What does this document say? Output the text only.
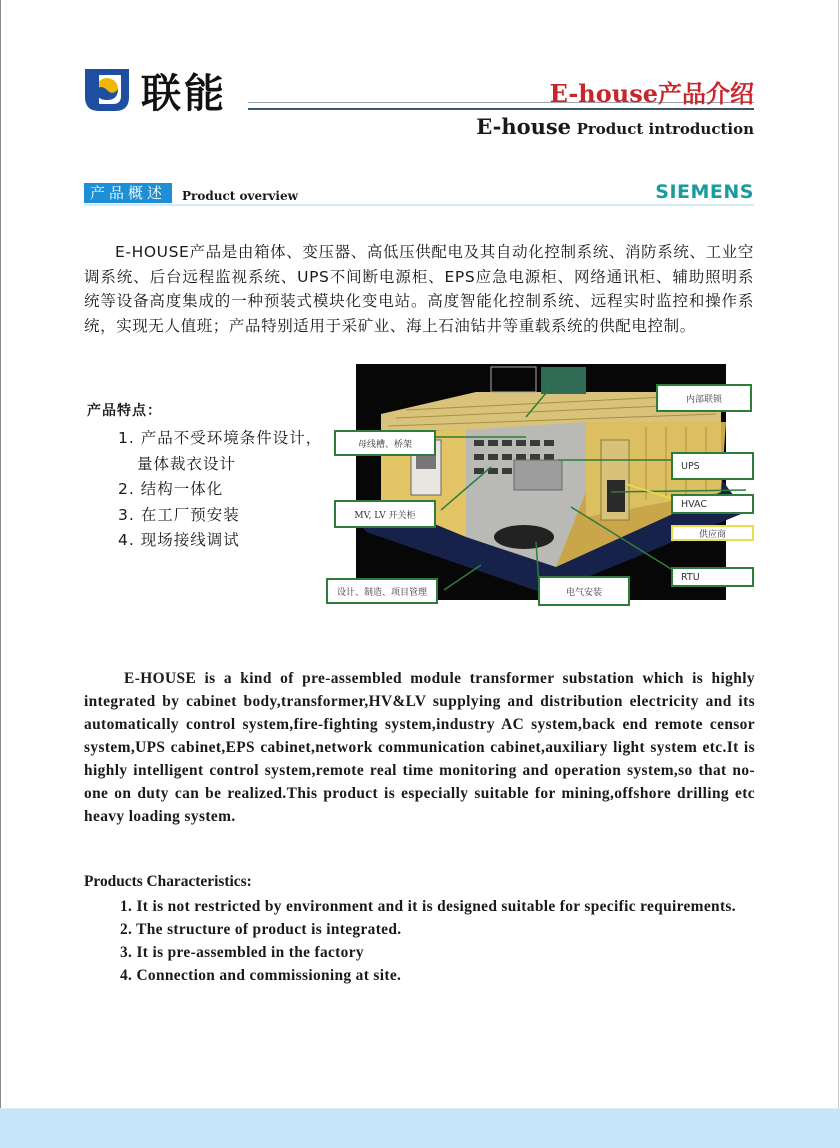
联能	E-house产品介绍
E-house Product introduction
产品概述	Product overview	SIEMENS
E-HOUSE产品是由箱体、变压器、高低压供配电及其自动化控制系统、消防系统、工业空调系统、后台远程监视系统、UPS不间断电源柜、EPS应急电源柜、网络通讯柜、辅助照明系统等设备高度集成的一种预装式模块化变电站。高度智能化控制系统、远程实时监控和操作系统，实现无人值班；产品特别适用于采矿业、海上石油钻井等重载系统的供配电控制。
产品特点：
1. 产品不受环境条件设计，
量体裁衣设计
2. 结构一体化
3. 在工厂预安装
4. 现场接线调试
内部联锁
母线槽、桥架
UPS
HVAC
MV, LV 开关柜
供应商
RTU
设计、制造、项目管理	电气安装
E-HOUSE is a kind of pre-assembled module transformer substation which is highly integrated by cabinet body,transformer,HV&LV supplying and distribution electricity and its automatically control system,fire-fighting system,industry AC system,back end remote censor system,UPS cabinet,EPS cabinet,network communication cabinet,auxiliary light system etc.It is highly intelligent control system,remote real time monitoring and operation system,so that no-one on duty can be realized.This product is especially suitable for mining,offshore drilling etc heavy loading system.
Products Characteristics:

1. It is not restricted by environment and it is designed suitable for specific requirements.

2. The structure of product is integrated.

3. It is pre-assembled in the factory

4. Connection and commissioning at site.
